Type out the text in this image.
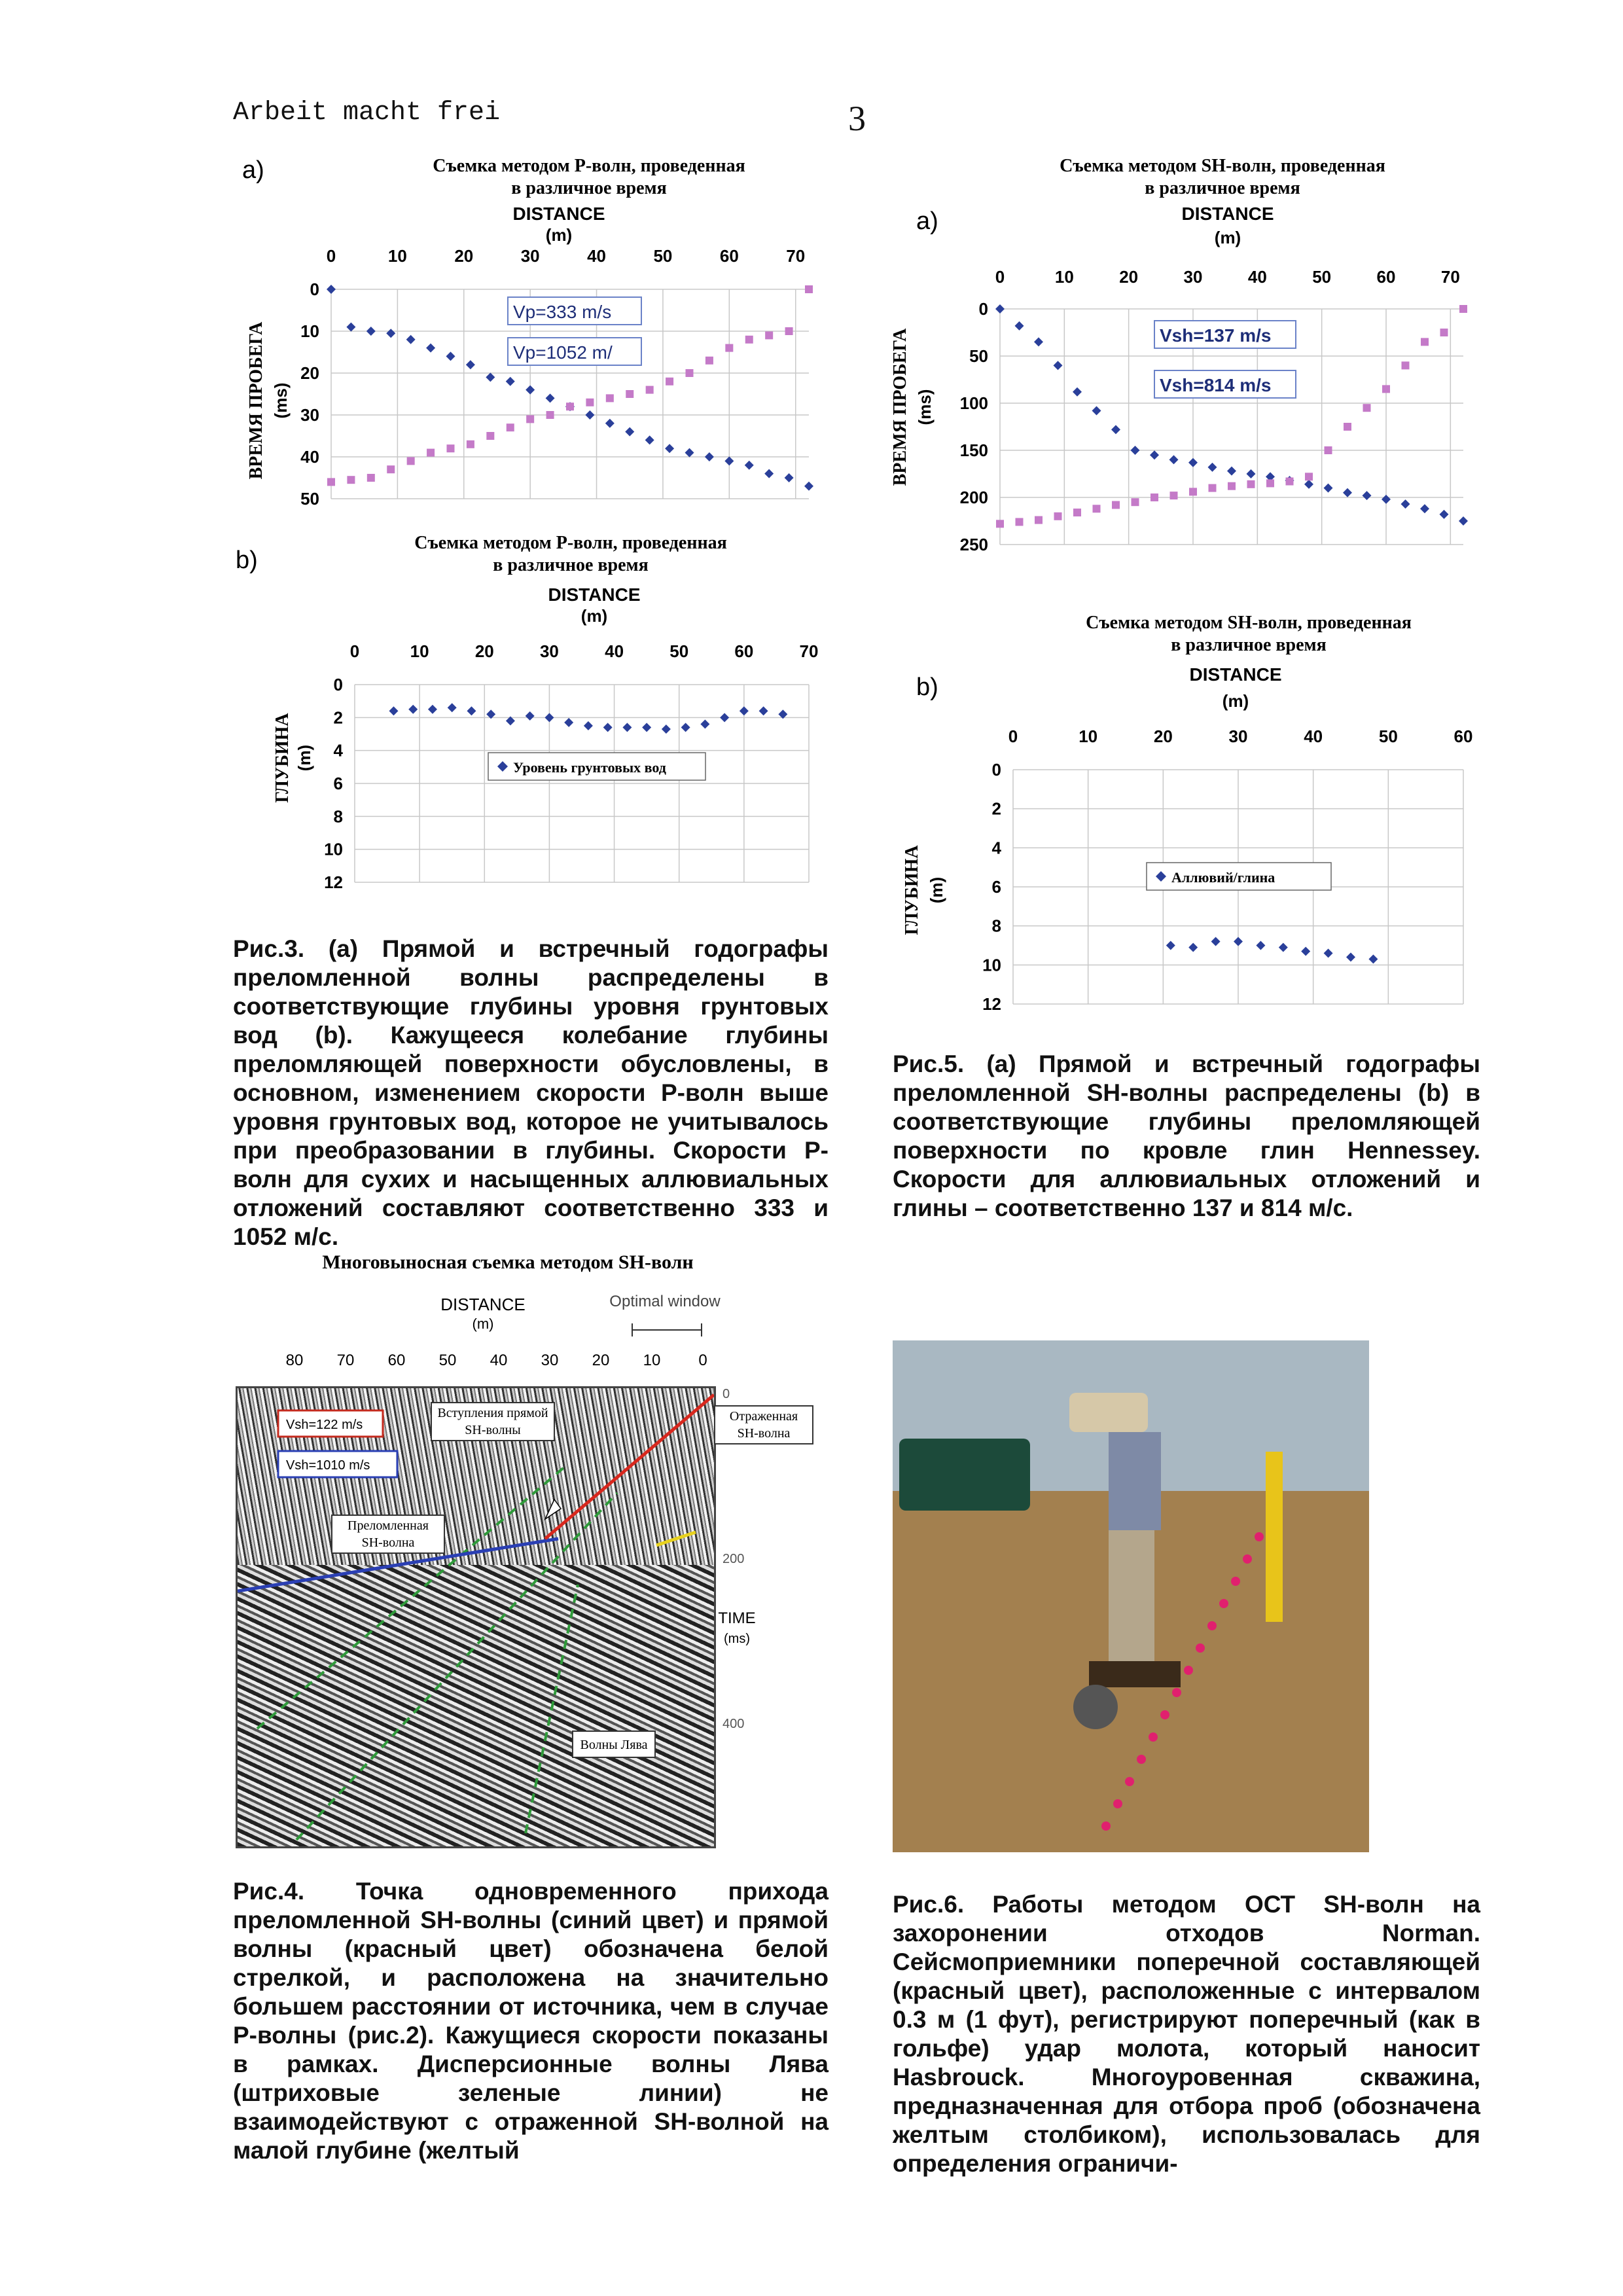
Arbeit macht frei	3
a)	Съемка методом P-волн, проведенная
в различное время
DISTANCE
(m)
ВРЕМЯ ПРОБЕГА (ms)
0	10	20	30	40	50	60	70
0
10
20
30
40
50
Vp=333 m/s
Vp=1052 m/
b)
Съемка методом P-волн, проведенная
в различное время
DISTANCE
(m)
ГЛУБИНА (m)
0	10	20	30	40	50	60	70
0
2
4
6
8
10
12
Уровень грунтовых вод
a)
Съемка методом SH-волн, проведенная
в различное время
DISTANCE
(m)
ВРЕМЯ ПРОБЕГА (ms)
0	10	20	30	40	50	60	70
0
50
100
150
200
250
Vsh=137 m/s
Vsh=814 m/s
b)
Съемка методом SH-волн, проведенная
в различное время
DISTANCE
(m)
ГЛУБИНА (m)
0	10	20	30	40	50	60
0
2
4
6
8
10
12
Аллювий/глина
Рис.3. (а) Прямой и встречный годографы преломленной волны распределены в соответствующие глубины уровня грунтовых вод (b). Кажущееся колебание глубины преломляющей поверхности обусловлены, в основном, изменением скорости P-волн выше уровня грунтовых вод, которое не учитывалось при преобразовании в глубины. Скорости P-волн для сухих и насыщенных аллювиальных отложений составляют соответственно 333 и 1052 м/с.
Рис.5. (а) Прямой и встречный годографы преломленной SH-волны распределены (b) в соответствующие глубины преломляющей поверхности по кровле глин Hennessey. Скорости для аллювиальных отложений и глины – соответственно 137 и 814 м/с.
Рис.4. Точка одновременного прихода преломленной SH-волны (синий цвет) и прямой волны (красный цвет) обозначена белой стрелкой, и расположена на значительно большем расстоянии от источника, чем в случае P-волны (рис.2). Кажущиеся скорости показаны в рамках. Дисперсионные волны Лява (штриховые зеленые линии) не взаимодействуют с отраженной SH-волной на малой глубине (желтый
Рис.6. Работы методом ОСТ SH-волн на захоронении отходов Norman. Сейсмоприемники поперечной составляющей (красный цвет), расположенные с интервалом 0.3 м (1 фут), регистрируют поперечный (как в гольфе) удар молота, который наносит Hasbrouck. Многоуровенная скважина, предназначенная для отбора проб (обозначена желтым столбиком), использовалась для определения ограничи-
Многовыносная съемка методом SH-волн
DISTANCE	Optimal window
(m)
80 70 60 50 40 30 20 10 0
Vsh=122 m/s
Vsh=1010 m/s
Вступления прямой
SH-волны
Преломленная
SH-волна
Волны Лява
Отраженная
SH-волна
TIME
(ms)
0
200
400
